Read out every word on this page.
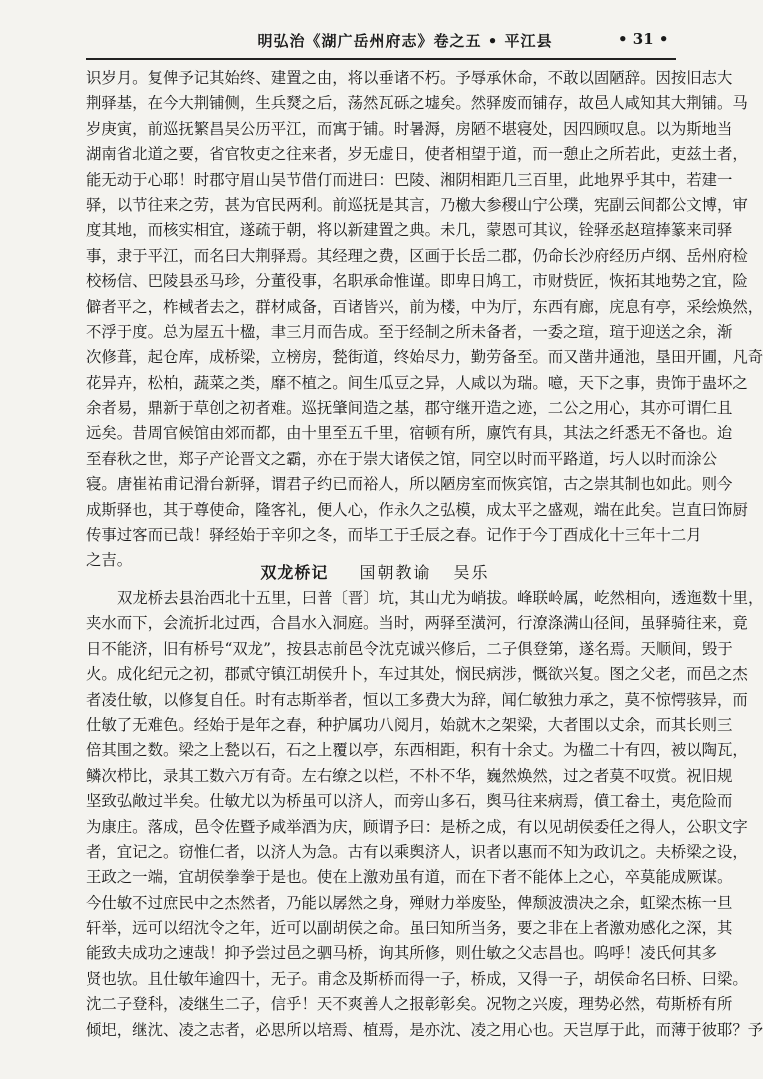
明弘治《湖广岳州府志》卷之五 • 平江县	• 31 •
识岁月。复俾予记其始终、建置之由，将以垂诸不朽。予辱承休命，不敢以固陋辞。因按旧志大
荆驿基，在今大荆铺侧，生兵燹之后，荡然瓦砾之墟矣。然驿废而铺存，故邑人咸知其大荆铺。马
岁庚寅，前巡抚繁昌吴公历平江，而寓于铺。时暑溽，房陋不堪寝处，因四顾叹息。以为斯地当
湖南省北道之要，省官牧吏之往来者，岁无虚日，使者相望于道，而一憩止之所若此，吏兹土者，
能无动于心耶！时郡守眉山吴节借仃而进曰：巴陵、湘阴相距几三百里，此地界乎其中，若建一
驿，以节往来之劳，甚为官民两利。前巡抚是其言，乃檄大参稷山宁公璞，宪副云间都公文博，审
度其地，而核实相宜，遂疏于朝，将以新建置之典。未几，蒙恩可其议，铨驿丞赵瑄捧篆来司驿
事，隶于平江，而名曰大荆驿焉。其经理之费，区画于长岳二郡，仍命长沙府经历卢纲、岳州府检
校杨信、巴陵县丞马珍，分董役事，名职承命惟谨。即卑日鸠工，市财赀匠，恢拓其地势之宜，险
僻者平之，柞棫者去之，群材咸备，百诸皆兴，前为楼，中为厅，东西有廊，庑息有亭，采绘焕然，
不浮于度。总为屋五十楹，聿三月而告成。至于经制之所未备者，一委之瑄，瑄于迎送之余，渐
次修葺，起仓库，成桥梁，立榜房，甃街道，终始尽力，勤劳备至。而又凿井通池，垦田开圃，凡奇
花异卉，松柏，蔬菜之类，靡不植之。间生瓜豆之异，人咸以为瑞。噫，天下之事，贵饰于蛊坏之
余者易，鼎新于草创之初者难。巡抚肇间造之基，郡守继开造之迹，二公之用心，其亦可谓仁且
远矣。昔周官候馆由郊而都，由十里至五千里，宿顿有所，廪饩有具，其法之纤悉无不备也。迨
至春秋之世，郑子产论晋文之霸，亦在于崇大诸侯之馆，同空以时而平路道，圬人以时而涂公
寝。唐崔祐甫记滑台新驿，谓君子约已而裕人，所以陋房室而恢宾馆，古之崇其制也如此。则今
成斯驿也，其于尊使命，隆客礼，便人心，作永久之弘模，成太平之盛观，端在此矣。岂直曰饰厨
传事过客而已哉！驿经始于辛卯之冬，而毕工于壬辰之春。记作于今丁酉成化十三年十二月
之吉。
双龙桥记 国朝教谕 吴乐
双龙桥去县治西北十五里，曰普〔晋〕坑，其山尤为峭拔。峰联岭属，屹然相向，透迤数十里，
夹水而下，会流折北过西，合昌水入洞庭。当时，两驿至潢河，行潦涤满山径间，虽驿骑往来，竟
日不能济，旧有桥号“双龙”，按县志前邑令沈克诚兴修后，二子俱登第，遂名焉。天顺间，毁于
火。成化纪元之初，郡贰守镇江胡侯升卜，车过其处，悯民病涉，慨欲兴复。图之父老，而邑之杰
者凌仕敏，以修复自任。时有志斯举者，恒以工多费大为辞，闻仁敏独力承之，莫不惊愕骇异，而
仕敏了无难色。经始于是年之春，种护属功八阅月，始就木之架梁，大者围以丈余，而其长则三
倍其围之数。梁之上甃以石，石之上覆以亭，东西相距，积有十余丈。为楹二十有四，被以陶瓦，
鳞次栉比，录其工数六万有奇。左右缭之以栏，不朴不华，巍然焕然，过之者莫不叹赏。祝旧规
坚致弘敞过半矣。仕敏尤以为桥虽可以济人，而旁山多石，舆马往来病焉，僨工畚土，夷危险而
为康庄。落成，邑令佐暨予咸举酒为庆，顾谓予曰：是桥之成，有以见胡侯委任之得人，公职文字
者，宜记之。窃惟仁者，以济人为急。古有以乘舆济人，识者以惠而不知为政讥之。夫桥梁之设，
王政之一端，宜胡侯拳拳于是也。使在上激劝虽有道，而在下者不能体上之心，卒莫能成厥谋。
今仕敏不过庶民中之杰然者，乃能以孱然之身，殚财力举废坠，俾颓波溃决之余，虹梁杰栋一旦
轩举，远可以绍沈令之年，近可以副胡侯之命。虽曰知所当务，要之非在上者激劝感化之深，其
能致夫成功之速哉！抑予尝过邑之驷马桥，询其所修，则仕敏之父志昌也。呜呼！凌氏何其多
贤也欤。且仕敏年逾四十，无子。甫念及斯桥而得一子，桥成，又得一子，胡侯命名曰桥、曰梁。
沈二子登科，凌继生二子，信乎！天不爽善人之报彰彰矣。况物之兴废，理势必然，苟斯桥有所
倾圯，继沈、凌之志者，必思所以培焉、植焉，是亦沈、凌之用心也。天岂厚于此，而薄于彼耶？予
